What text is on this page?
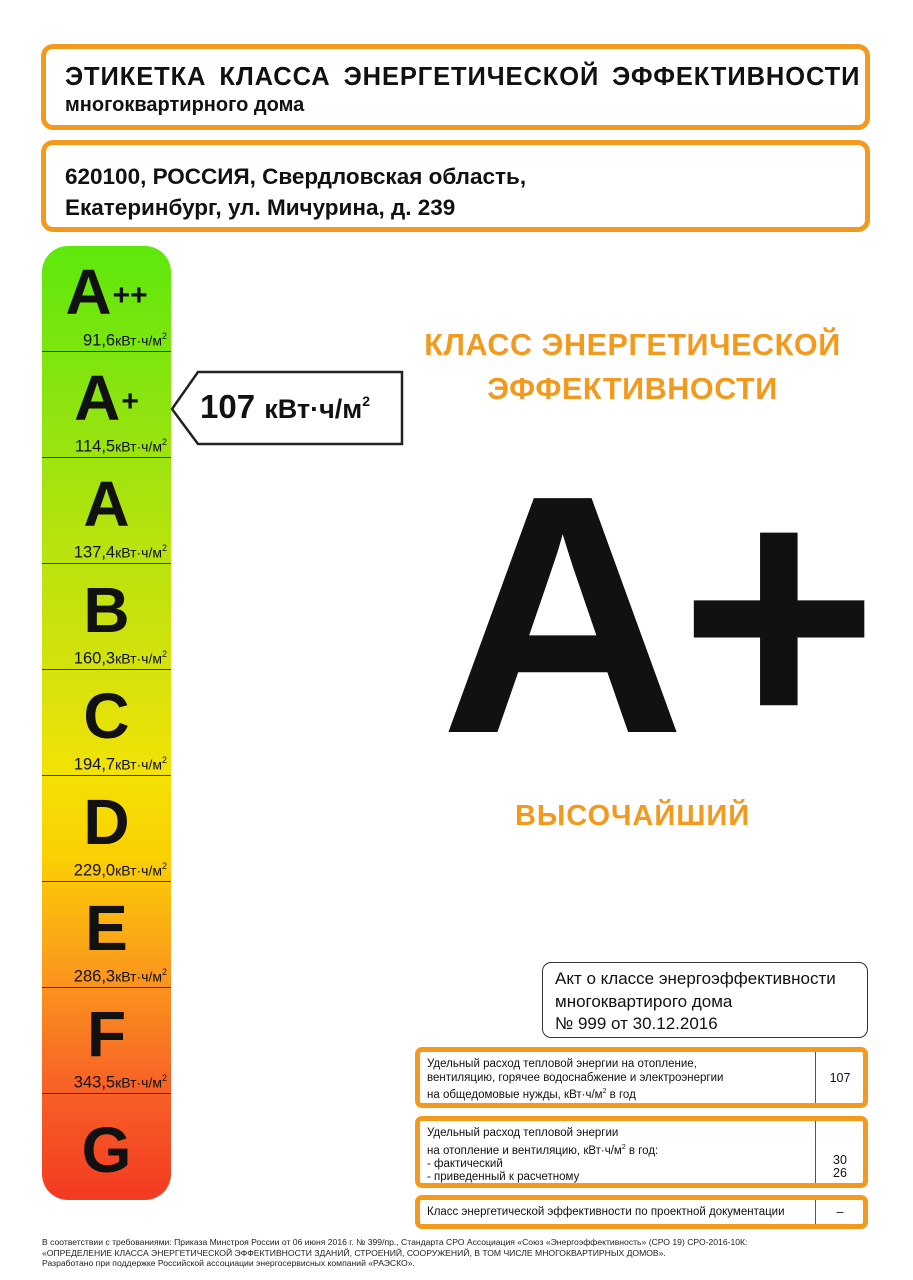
ЭТИКЕТКА КЛАССА ЭНЕРГЕТИЧЕСКОЙ ЭФФЕКТИВНОСТИ
многоквартирного дома
620100, РОССИЯ, Свердловская область,
Екатеринбург, ул. Мичурина, д. 239
A++
$91,6кВт\cdot ч/м^2$
A+
$114,5кВт\cdot ч/м^2$
A
$137,4кВт\cdot ч/м^2$
B
$160,3кВт\cdot ч/м^2$
C
$194,7кВт\cdot ч/м^2$
D
$229,0кВт\cdot ч/м^2$
E
$286,3кВт\cdot ч/м^2$
F
$343,5кВт\cdot ч/м^2$
G
107 $кВт\cdot ч/м^2$
КЛАСС ЭНЕРГЕТИЧЕСКОЙ
ЭФФЕКТИВНОСТИ
A+
ВЫСОЧАЙШИЙ
Акт о классе энергоэффективности
многоквартирого дома
№ 999 от 30.12.2016
Удельный расход тепловой энергии на отопление,
вентиляцию, горячее водоснабжение и электроэнергии
на общедомовые нужды, $кВт\cdot ч/м^2$ в год
107
Удельный расход тепловой энергии
на отопление и вентиляцию, $кВт\cdot ч/м^2$ в год:
- фактический
- приведенный к расчетному
30
26
Класс энергетической эффективности по проектной документации	–
В соответствии с требованиями: Приказа Минстроя России от 06 июня 2016 г. № 399/пр., Стандарта СРО Ассоциация «Союз «Энергоэффективность» (СРО 19) СРО-2016-10К:
«ОПРЕДЕЛЕНИЕ КЛАССА ЭНЕРГЕТИЧЕСКОЙ ЭФФЕКТИВНОСТИ ЗДАНИЙ, СТРОЕНИЙ, СООРУЖЕНИЙ, В ТОМ ЧИСЛЕ МНОГОКВАРТИРНЫХ ДОМОВ».
Разработано при поддержке Российской ассоциации энергосервисных компаний «РАЭСКО».
